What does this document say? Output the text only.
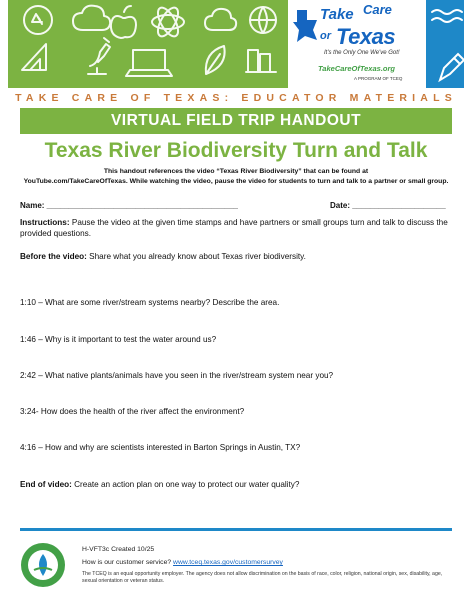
Take Care
or Texas
It's the Only One We've Got!
TakeCareOfTexas.org
A PROGRAM OF TCEQ
TAKE CARE OF TEXAS: EDUCATOR MATERIALS
VIRTUAL FIELD TRIP HANDOUT
Texas River Biodiversity Turn and Talk
This handout references the video “Texas River Biodiversity” that can be found at
YouTube.com/TakeCareOfTexas. While watching the video, pause the video for students to turn and talk to a partner or small group.
Name: ___________________________________________	Date: _____________________
Instructions: Pause the video at the given time stamps and have partners or small groups turn and talk to discuss the provided questions.
Before the video: Share what you already know about Texas river biodiversity.
1:10 – What are some river/stream systems nearby? Describe the area.
1:46 – Why is it important to test the water around us?
2:42 – What native plants/animals have you seen in the river/stream system near you?
3:24- How does the health of the river affect the environment?
4:16 – How and why are scientists interested in Barton Springs in Austin, TX?
End of video: Create an action plan on one way to protect our water quality?
H-VFT3c Created 10/25
How is our customer service? www.tceq.texas.gov/customersurvey
The TCEQ is an equal opportunity employer. The agency does not allow discrimination on the basis of race, color, religion, national origin, sex, disability, age, sexual orientation or veteran status.
